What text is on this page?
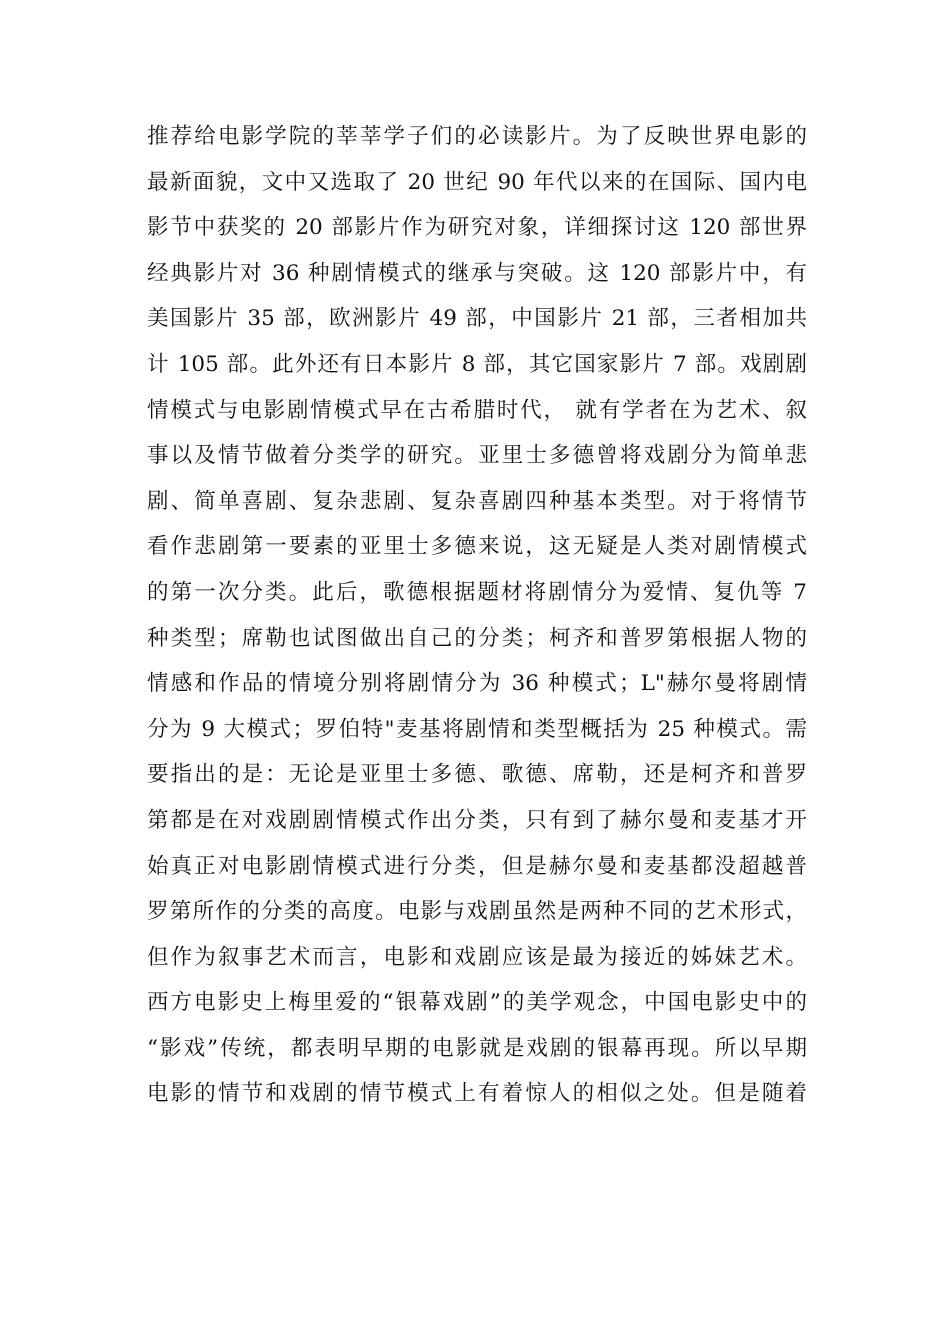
推荐给电影学院的莘莘学子们的必读影片。为了反映世界电影的
最新面貌，文中又选取了 20 世纪 90 年代以来的在国际、国内电
影节中获奖的 20 部影片作为研究对象，详细探讨这 120 部世界
经典影片对 36 种剧情模式的继承与突破。这 120 部影片中，有
美国影片 35 部，欧洲影片 49 部，中国影片 21 部，三者相加共
计 105 部。此外还有日本影片 8 部，其它国家影片 7 部。戏剧剧
情模式与电影剧情模式早在古希腊时代， 就有学者在为艺术、叙
事以及情节做着分类学的研究。亚里士多德曾将戏剧分为简单悲
剧、简单喜剧、复杂悲剧、复杂喜剧四种基本类型。对于将情节
看作悲剧第一要素的亚里士多德来说，这无疑是人类对剧情模式
的第一次分类。此后，歌德根据题材将剧情分为爱情、复仇等 7
种类型；席勒也试图做出自己的分类；柯齐和普罗第根据人物的
情感和作品的情境分别将剧情分为 36 种模式；L"赫尔曼将剧情
分为 9 大模式；罗伯特"麦基将剧情和类型概括为 25 种模式。需
要指出的是：无论是亚里士多德、歌德、席勒，还是柯齐和普罗
第都是在对戏剧剧情模式作出分类，只有到了赫尔曼和麦基才开
始真正对电影剧情模式进行分类，但是赫尔曼和麦基都没超越普
罗第所作的分类的高度。电影与戏剧虽然是两种不同的艺术形式，
但作为叙事艺术而言，电影和戏剧应该是最为接近的姊妹艺术。
西方电影史上梅里爱的“银幕戏剧”的美学观念，中国电影史中的
“影戏”传统，都表明早期的电影就是戏剧的银幕再现。所以早期
电影的情节和戏剧的情节模式上有着惊人的相似之处。但是随着
